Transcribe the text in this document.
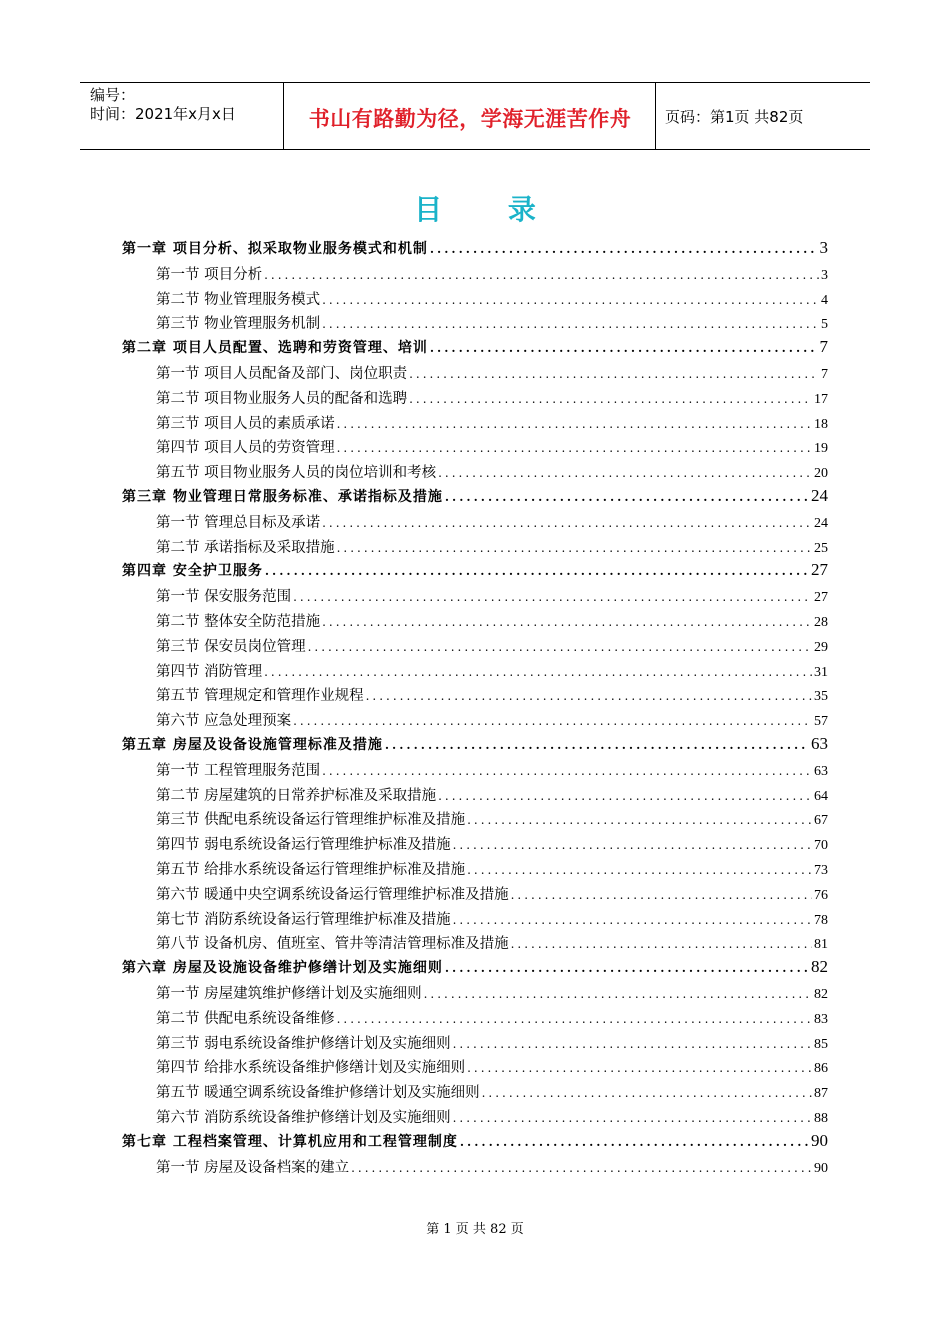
编号：
时间：2021年x月x日	书山有路勤为径，学海无涯苦作舟	页码：第1页 共82页
目 录
第一章 项目分析、拟采取物业服务模式和机制 .....	3
第一节 项目分析 .....	3
第二节 物业管理服务模式 .....	4
第三节 物业管理服务机制 .....	5
第二章 项目人员配置、选聘和劳资管理、培训 .....	7
第一节 项目人员配备及部门、岗位职责 .....	7
第二节 项目物业服务人员的配备和选聘 .....	17
第三节 项目人员的素质承诺 .....	18
第四节 项目人员的劳资管理 .....	19
第五节 项目物业服务人员的岗位培训和考核 .....	20
第三章 物业管理日常服务标准、承诺指标及措施 .....	24
第一节 管理总目标及承诺 .....	24
第二节 承诺指标及采取措施 .....	25
第四章 安全护卫服务 .....	27
第一节 保安服务范围 .....	27
第二节 整体安全防范措施 .....	28
第三节 保安员岗位管理 .....	29
第四节 消防管理 .....	31
第五节 管理规定和管理作业规程 .....	35
第六节 应急处理预案 .....	57
第五章 房屋及设备设施管理标准及措施 .....	63
第一节 工程管理服务范围 .....	63
第二节 房屋建筑的日常养护标准及采取措施 .....	64
第三节 供配电系统设备运行管理维护标准及措施 .....	67
第四节 弱电系统设备运行管理维护标准及措施 .....	70
第五节 给排水系统设备运行管理维护标准及措施 .....	73
第六节 暖通中央空调系统设备运行管理维护标准及措施 .....	76
第七节 消防系统设备运行管理维护标准及措施 .....	78
第八节 设备机房、值班室、管井等清洁管理标准及措施 .....	81
第六章 房屋及设施设备维护修缮计划及实施细则 .....	82
第一节 房屋建筑维护修缮计划及实施细则 .....	82
第二节 供配电系统设备维修 .....	83
第三节 弱电系统设备维护修缮计划及实施细则 .....	85
第四节 给排水系统设备维护修缮计划及实施细则 .....	86
第五节 暖通空调系统设备维护修缮计划及实施细则 .....	87
第六节 消防系统设备维护修缮计划及实施细则 .....	88
第七章 工程档案管理、计算机应用和工程管理制度 .....	90
第一节 房屋及设备档案的建立 .....	90
第 1 页 共 82 页
